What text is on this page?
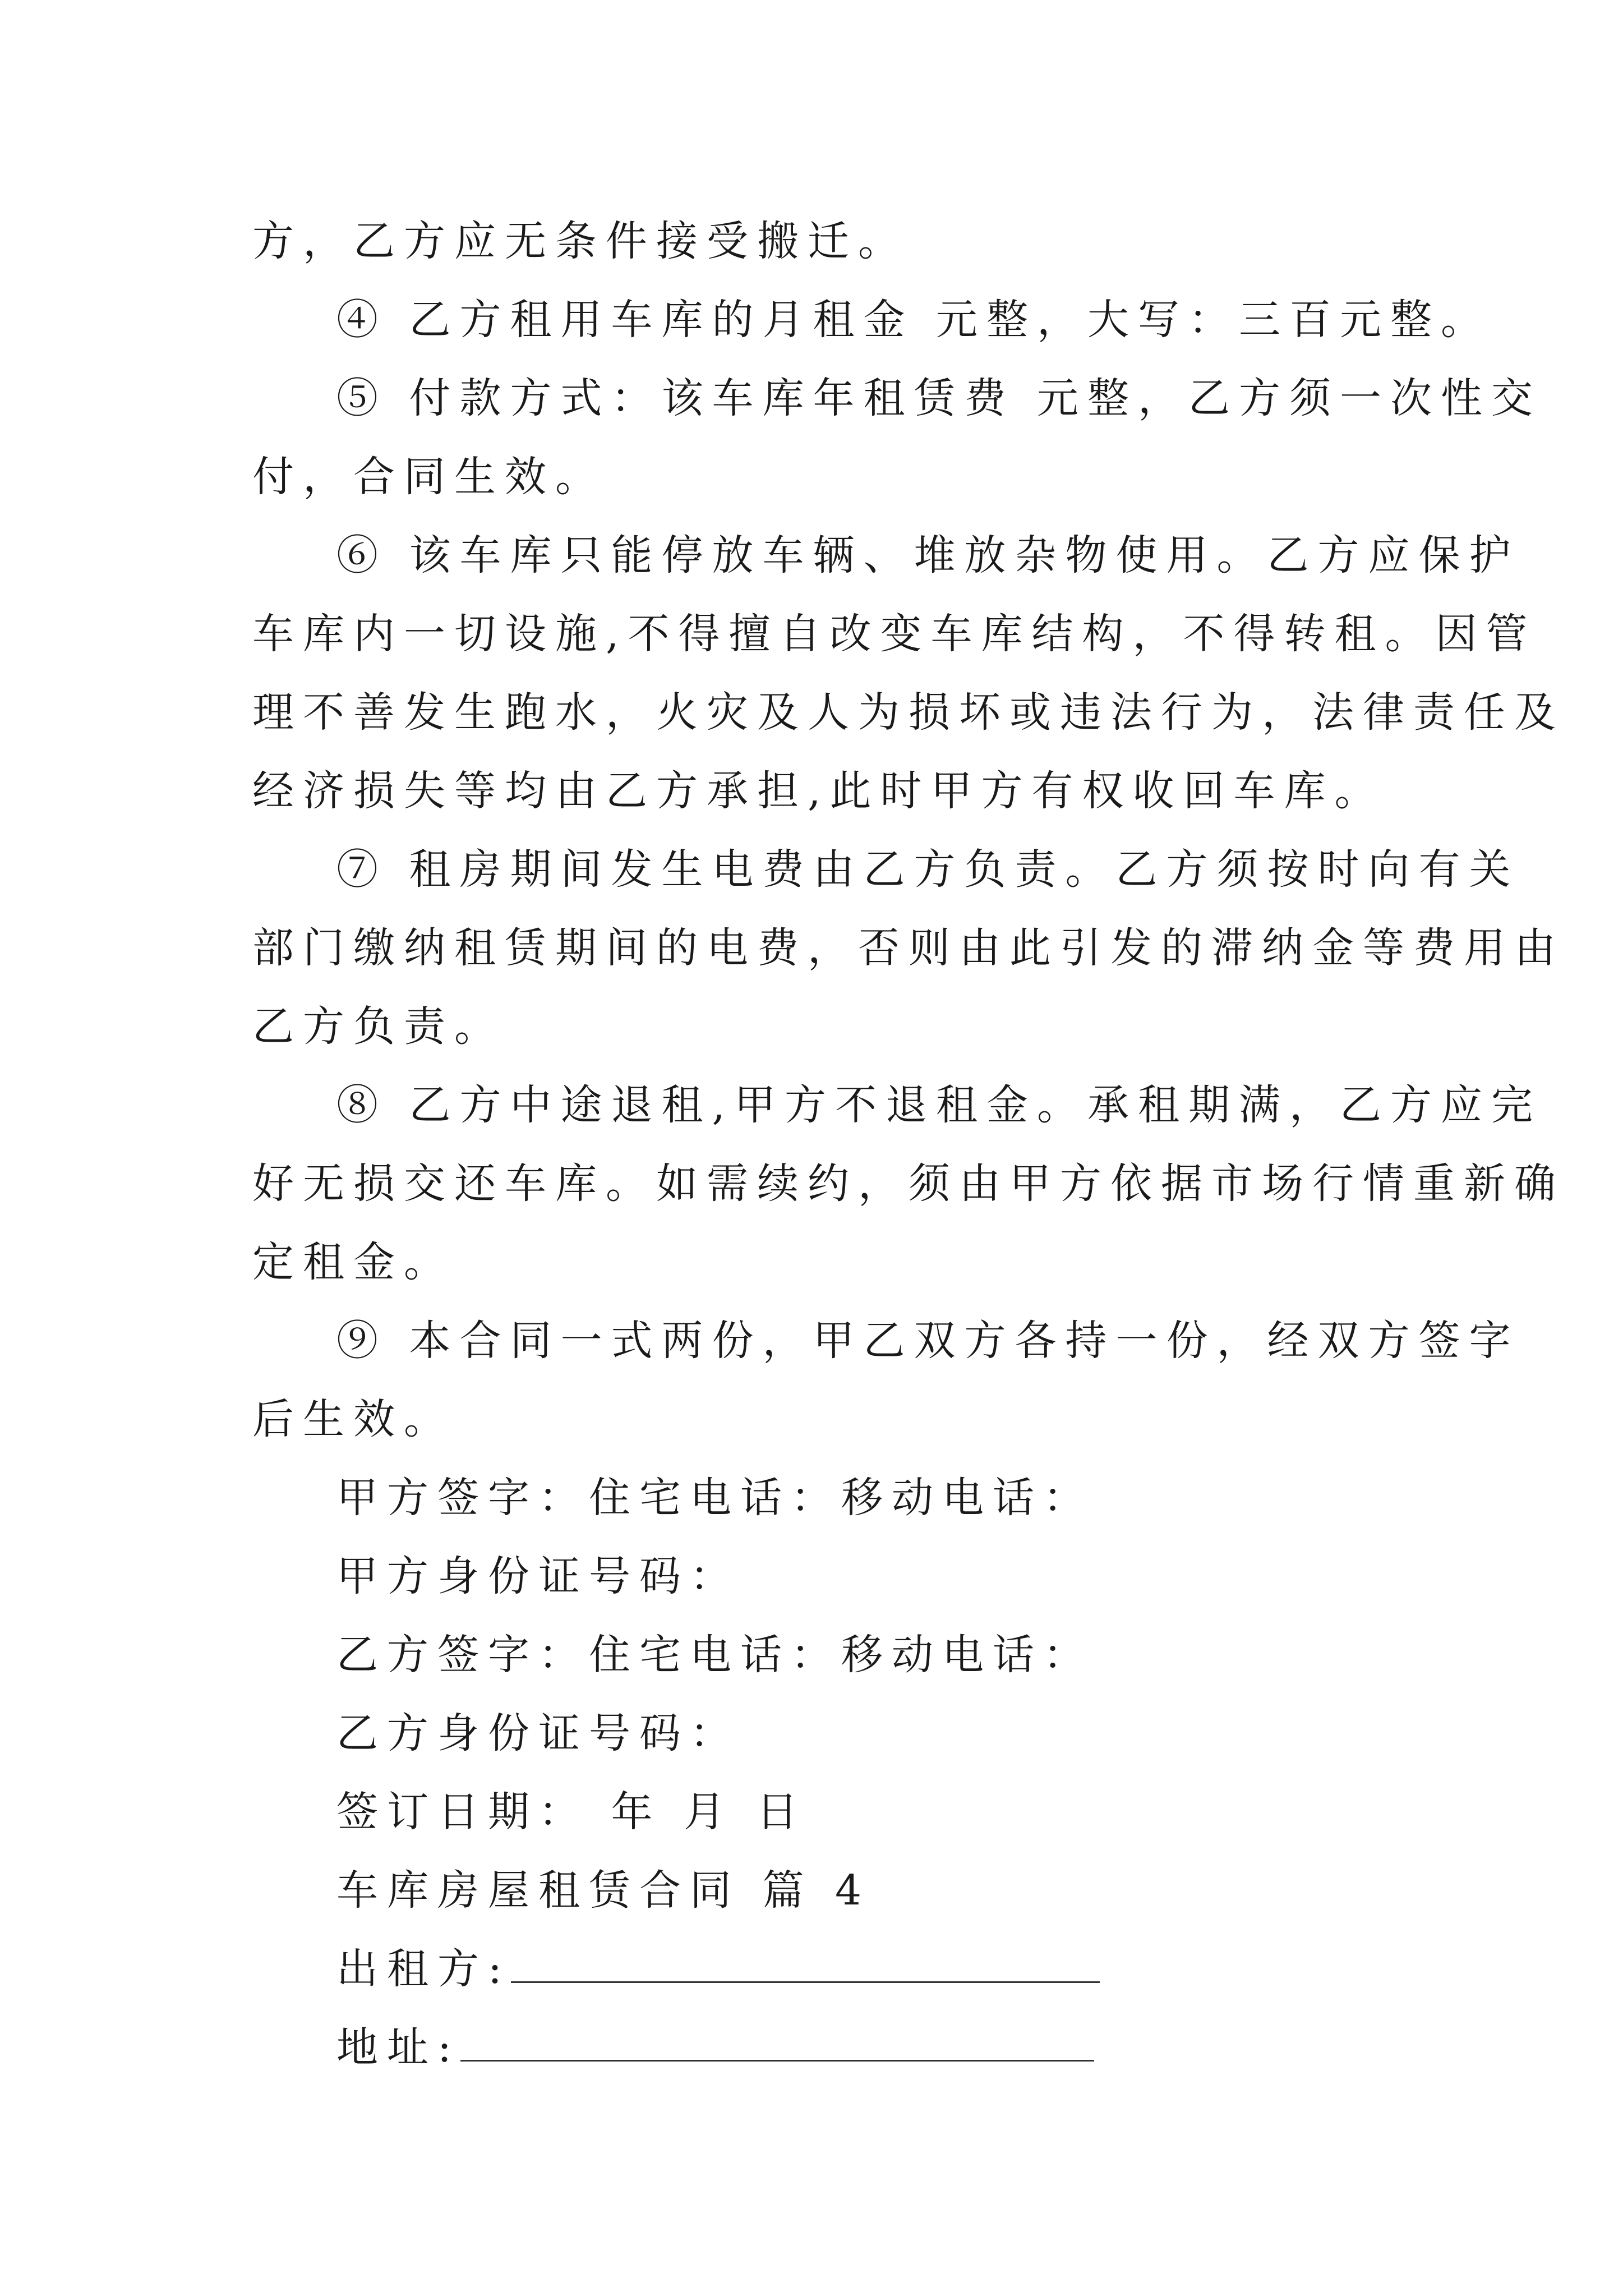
方，乙方应无条件接受搬迁。
④ 乙方租用车库的月租金 元整，大写：三百元整。
⑤ 付款方式：该车库年租赁费 元整，乙方须一次性交
付，合同生效。
⑥ 该车库只能停放车辆、堆放杂物使用。乙方应保护
车库内一切设施,不得擅自改变车库结构，不得转租。因管
理不善发生跑水，火灾及人为损坏或违法行为，法律责任及
经济损失等均由乙方承担,此时甲方有权收回车库。
⑦ 租房期间发生电费由乙方负责。乙方须按时向有关
部门缴纳租赁期间的电费，否则由此引发的滞纳金等费用由
乙方负责。
⑧ 乙方中途退租,甲方不退租金。承租期满，乙方应完
好无损交还车库。如需续约，须由甲方依据市场行情重新确
定租金。
⑨ 本合同一式两份，甲乙双方各持一份，经双方签字
后生效。
甲方签字：住宅电话：移动电话：
甲方身份证号码：
乙方签字：住宅电话：移动电话：
乙方身份证号码：
签订日期： 年 月 日
车库房屋租赁合同 篇 4
出租方:
地址:
